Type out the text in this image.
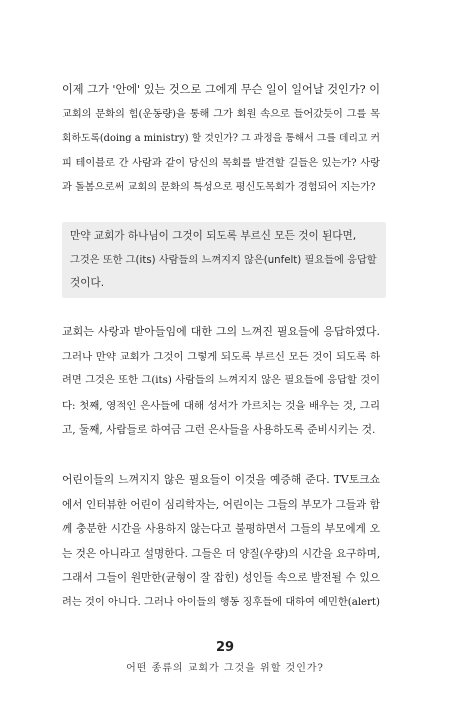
이제 그가 '안에' 있는 것으로 그에게 무슨 일이 일어날 것인가? 이
교회의 문화의 힘(운동량)을 통해 그가 회원 속으로 들어갔듯이 그를 목
회하도록(doing a ministry) 할 것인가? 그 과정을 통해서 그를 데리고 커
피 테이블로 간 사람과 같이 당신의 목회를 발견할 길들은 있는가? 사랑
과 돌봄으로써 교회의 문화의 특성으로 평신도목회가 경험되어 지는가?
만약 교회가 하나님이 그것이 되도록 부르신 모든 것이 된다면,
그것은 또한 그(its) 사람들의 느껴지지 않은(unfelt) 필요들에 응답할
것이다.
교회는 사랑과 받아들임에 대한 그의 느껴진 필요들에 응답하였다.
그러나 만약 교회가 그것이 그렇게 되도록 부르신 모든 것이 되도록 하
려면 그것은 또한 그(its) 사람들의 느껴지지 않은 필요들에 응답할 것이
다: 첫째, 영적인 은사들에 대해 성서가 가르치는 것을 배우는 것, 그리
고, 둘째, 사람들로 하여금 그런 은사들을 사용하도록 준비시키는 것.
어린이들의 느껴지지 않은 필요들이 이것을 예증해 준다. TV토크쇼
에서 인터뷰한 어린이 심리학자는, 어린이는 그들의 부모가 그들과 함
께 충분한 시간을 사용하지 않는다고 불평하면서 그들의 부모에게 오
는 것은 아니라고 설명한다. 그들은 더 양질(우량)의 시간을 요구하며,
그래서 그들이 원만한(균형이 잘 잡힌) 성인들 속으로 발전될 수 있으
려는 것이 아니다. 그러나 아이들의 행동 징후들에 대하여 예민한(alert)
29
어떤 종류의 교회가 그것을 위할 것인가?
